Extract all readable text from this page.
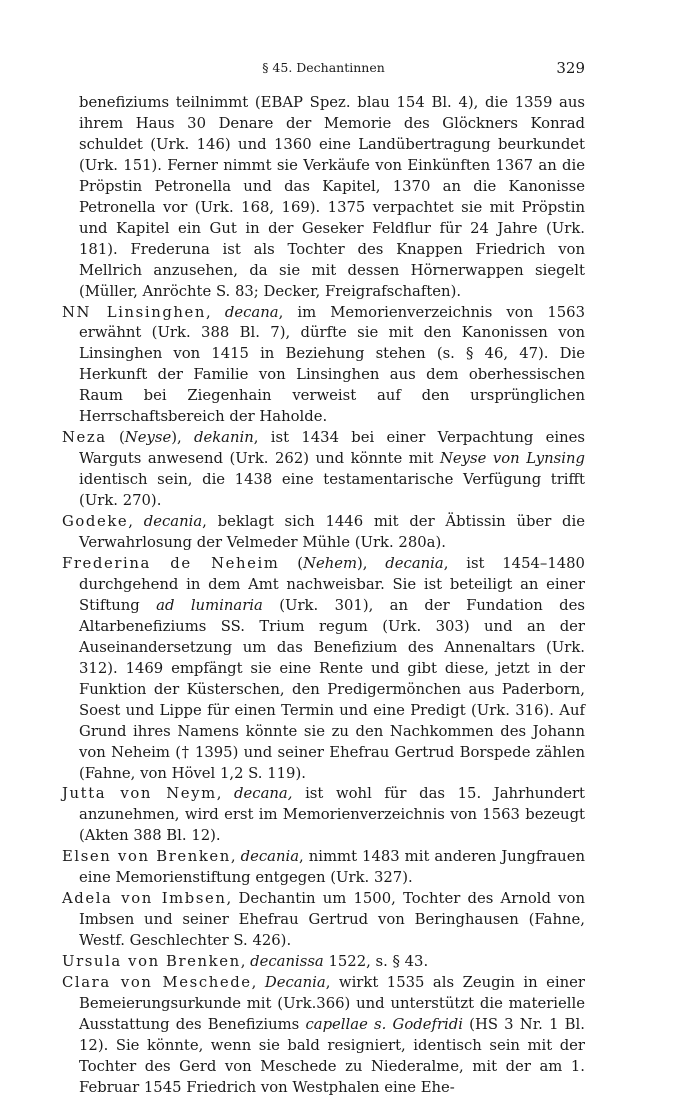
§ 45. Dechantinnen	329

benefiziums teilnimmt (EBAP Spez. blau 154 Bl. 4), die 1359 aus ihrem Haus 30 Denare der Memorie des Glöckners Konrad schuldet (Urk. 146) und 1360 eine Landübertragung beurkundet (Urk. 151). Ferner nimmt sie Verkäufe von Einkünften 1367 an die Pröpstin Petronella und das Kapitel, 1370 an die Kanonisse Petronella vor (Urk. 168, 169). 1375 verpachtet sie mit Pröpstin und Kapitel ein Gut in der Geseker Feldflur für 24 Jahre (Urk. 181). Frederuna ist als Tochter des Knappen Friedrich von Mellrich anzusehen, da sie mit dessen Hörnerwappen siegelt (Müller, Anröchte S. 83; Decker, Freigrafschaften).

NN Linsinghen, decana, im Memorienverzeichnis von 1563 erwähnt (Urk. 388 Bl. 7), dürfte sie mit den Kanonissen von Linsinghen von 1415 in Beziehung stehen (s. § 46, 47). Die Herkunft der Familie von Linsinghen aus dem oberhessischen Raum bei Ziegenhain verweist auf den ursprünglichen Herrschaftsbereich der Haholde.

Neza (Neyse), dekanin, ist 1434 bei einer Verpachtung eines Warguts anwesend (Urk. 262) und könnte mit Neyse von Lynsing identisch sein, die 1438 eine testamentarische Verfügung trifft (Urk. 270).

Godeke, decania, beklagt sich 1446 mit der Äbtissin über die Verwahrlosung der Velmeder Mühle (Urk. 280a).

Frederina de Neheim (Nehem), decania, ist 1454–1480 durchgehend in dem Amt nachweisbar. Sie ist beteiligt an einer Stiftung ad luminaria (Urk. 301), an der Fundation des Altarbenefiziums SS. Trium regum (Urk. 303) und an der Auseinandersetzung um das Benefizium des Annenaltars (Urk. 312). 1469 empfängt sie eine Rente und gibt diese, jetzt in der Funktion der Küsterschen, den Predigermönchen aus Paderborn, Soest und Lippe für einen Termin und eine Predigt (Urk. 316). Auf Grund ihres Namens könnte sie zu den Nachkommen des Johann von Neheim († 1395) und seiner Ehefrau Gertrud Borspede zählen (Fahne, von Hövel 1,2 S. 119).

Jutta von Neym, decana, ist wohl für das 15. Jahrhundert anzunehmen, wird erst im Memorienverzeichnis von 1563 bezeugt (Akten 388 Bl. 12).

Elsen von Brenken, decania, nimmt 1483 mit anderen Jungfrauen eine Memorienstiftung entgegen (Urk. 327).

Adela von Imbsen, Dechantin um 1500, Tochter des Arnold von Imbsen und seiner Ehefrau Gertrud von Beringhausen (Fahne, Westf. Geschlechter S. 426).

Ursula von Brenken, decanissa 1522, s. § 43.

Clara von Meschede, Decania, wirkt 1535 als Zeugin in einer Bemeierungsurkunde mit (Urk.366) und unterstützt die materielle Ausstattung des Benefiziums capellae s. Godefridi (HS 3 Nr. 1 Bl. 12). Sie könnte, wenn sie bald resigniert, identisch sein mit der Tochter des Gerd von Meschede zu Niederalme, mit der am 1. Februar 1545 Friedrich von Westphalen eine Ehe-
